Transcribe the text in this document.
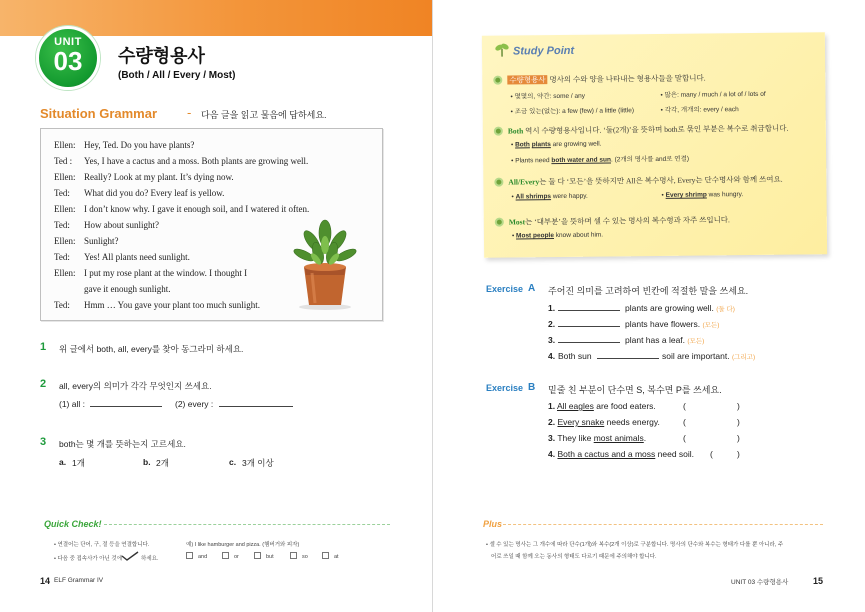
UNIT
03	수량형용사
(Both / All / Every / Most)
Situation Grammar - 다음 글을 읽고 물음에 답하세요.
Ellen: Hey, Ted. Do you have plants?
Ted : Yes, I have a cactus and a moss. Both plants are growing well.
Ellen: Really? Look at my plant. It’s dying now.
Ted: What did you do? Every leaf is yellow.
Ellen: I don’t know why. I gave it enough soil, and I watered it often.
Ted: How about sunlight?
Ellen: Sunlight?
Ted: Yes! All plants need sunlight.
Ellen: I put my rose plant at the window. I thought I
gave it enough sunlight.
Ted: Hmm … You gave your plant too much sunlight.
1 위 글에서 both, all, every를 찾아 동그라미 하세요.
2 all, every의 의미가 각각 무엇인지 쓰세요.
(1) all :	(2) every :
3 both는 몇 개를 뜻하는지 고르세요.
a. 1개	b. 2개	c. 3개 이상
Quick Check!
• 연결어는 단어, 구, 절 등을 연결합니다.	예) I like hamburger and pizza. (햄버거와 피자)
• 다음 중 접속사가 아닌 것에	하세요.	and	or	but	so	at
14 ELF Grammar IV
Study Point
수량형용사 명사의 수와 양을 나타내는 형용사들을 말합니다.
• 몇몇의, 약간: some / any	• 많은: many / much / a lot of / lots of
• 조금 있는(없는): a few (few) / a little (little)	• 각각, 개개의: every / each
Both 역시 수량형용사입니다. ‘둘(2개)’을 뜻하며 both로 묶인 부분은 복수로 취급합니다.
• Both plants are growing well.
• Plants need both water and sun. (2개의 명사를 and로 연결)
All/Every는 둘 다 ‘모든’을 뜻하지만 All은 복수명사, Every는 단수명사와 함께 쓰여요.
• All shrimps were happy.	• Every shrimp was hungry.
Most는 ‘대부분’을 뜻하며 셀 수 있는 명사의 복수형과 자주 쓰입니다.
• Most people know about him.
Exercise A 주어진 의미를 고려하여 빈칸에 적절한 말을 쓰세요.
1.	plants are growing well. (둘 다)
2.	plants have flowers. (모든)
3.	plant has a leaf. (모든)
4. Both sun	soil are important. (그리고)
Exercise B 밑줄 친 부분이 단수면 S, 복수면 P를 쓰세요.
1. All eagles are food eaters.	(	)
2. Every snake needs energy.	(	)
3. They like most animals.	(	)
4. Both a cactus and a moss need soil. (	)
Plus
• 셀 수 있는 명사는 그 개수에 따라 단수(1개)와 복수(2개 이상)로 구분합니다. 명사의 단수와 복수는 형태가 다를 뿐 아니라, 주
어로 쓰일 때 함께 오는 동사의 형태도 다르기 때문에 주의해야 합니다.
UNIT 03 수량형용사	15
